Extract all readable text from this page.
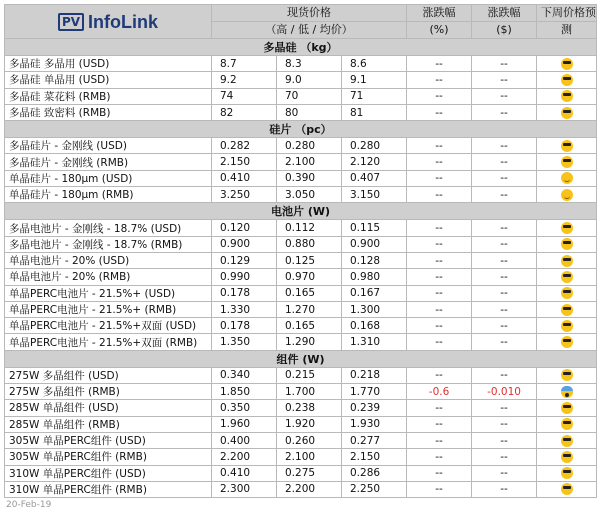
PV InfoLink	现货价格			涨跌幅	涨跌幅	下周价格预
	（高 / 低 / 均价）			(%)	($)	测
多晶硅 （kg）						
多晶硅 多晶用 (USD)	8.7	8.3	8.6	--	--	
多晶硅 单晶用 (USD)	9.2	9.0	9.1	--	--	
多晶硅 菜花料 (RMB)	74	70	71	--	--	
多晶硅 致密料 (RMB)	82	80	81	--	--	
硅片 （pc）						
多晶硅片 - 金刚线 (USD)	0.282	0.280	0.280	--	--	
多晶硅片 - 金刚线 (RMB)	2.150	2.100	2.120	--	--	
单晶硅片 - 180μm (USD)	0.410	0.390	0.407	--	--	
单晶硅片 - 180μm (RMB)	3.250	3.050	3.150	--	--	
电池片 (W)						
多晶电池片 - 金刚线 - 18.7% (USD)	0.120	0.112	0.115	--	--	
多晶电池片 - 金刚线 - 18.7% (RMB)	0.900	0.880	0.900	--	--	
单晶电池片 - 20% (USD)	0.129	0.125	0.128	--	--	
单晶电池片 - 20% (RMB)	0.990	0.970	0.980	--	--	
单晶PERC电池片 - 21.5%+ (USD)	0.178	0.165	0.167	--	--	
单晶PERC电池片 - 21.5%+ (RMB)	1.330	1.270	1.300	--	--	
单晶PERC电池片 - 21.5%+双面 (USD)	0.178	0.165	0.168	--	--	
单晶PERC电池片 - 21.5%+双面 (RMB)	1.350	1.290	1.310	--	--	
组件 (W)						
275W 多晶组件 (USD)	0.340	0.215	0.218	--	--	
275W 多晶组件 (RMB)	1.850	1.700	1.770	-0.6	-0.010	
285W 单晶组件 (USD)	0.350	0.238	0.239	--	--	
285W 单晶组件 (RMB)	1.960	1.920	1.930	--	--	
305W 单晶PERC组件 (USD)	0.400	0.260	0.277	--	--	
305W 单晶PERC组件 (RMB)	2.200	2.100	2.150	--	--	
310W 单晶PERC组件 (USD)	0.410	0.275	0.286	--	--	
310W 单晶PERC组件 (RMB)	2.300	2.200	2.250	--	--	
20-Feb-19
